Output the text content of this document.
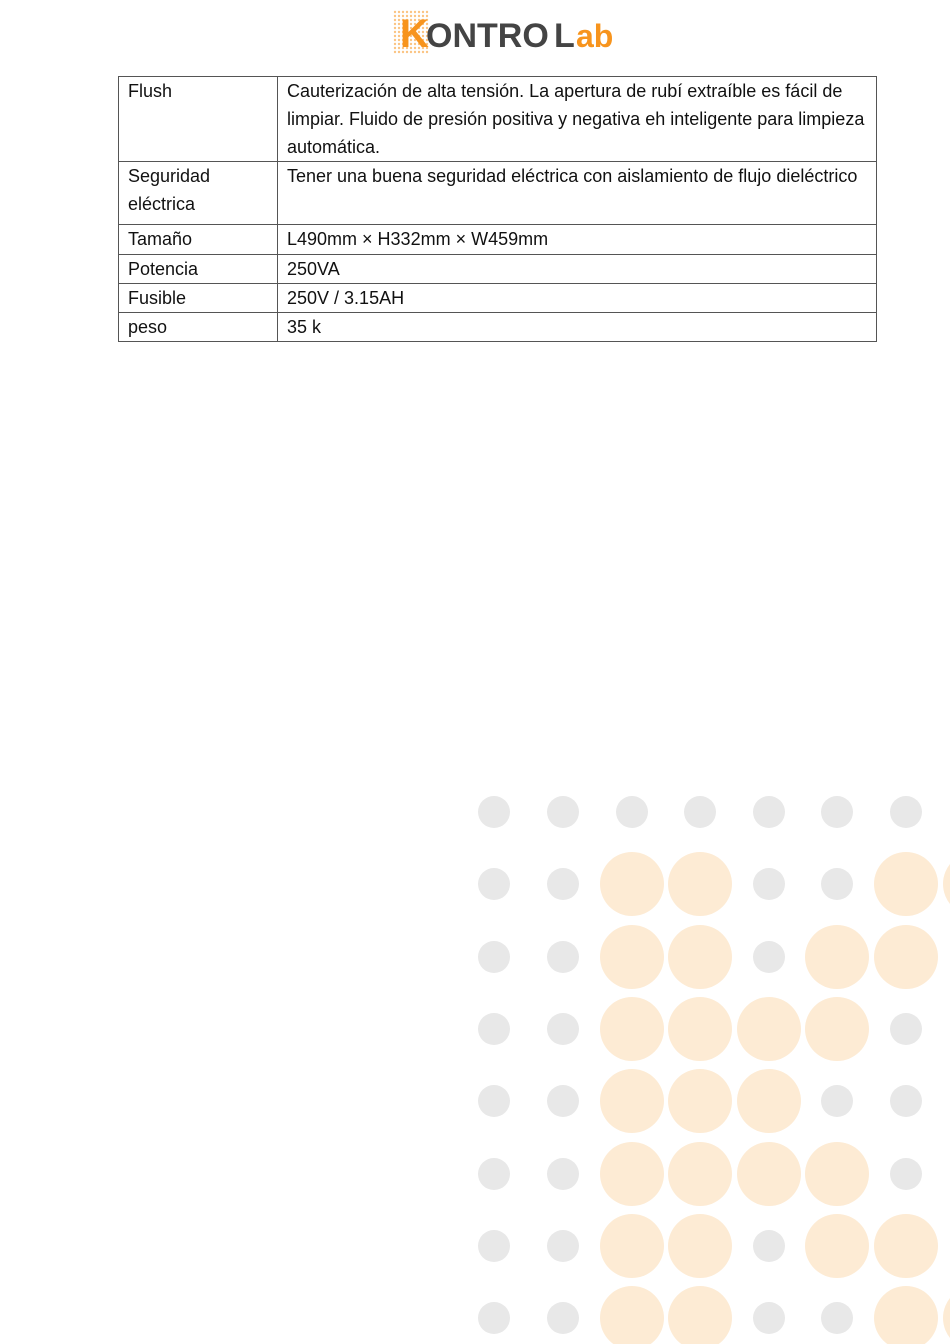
K
ONTRO L ab
Flush	Cauterización de alta tensión. La apertura de rubí extraíble es fácil de limpiar. Fluido de presión positiva y negativa eh inteligente para limpieza automática.
Seguridad eléctrica	Tener una buena seguridad eléctrica con aislamiento de flujo dieléctrico
Tamaño	L490mm × H332mm × W459mm
Potencia	250VA
Fusible	250V / 3.15AH
peso	35 k
